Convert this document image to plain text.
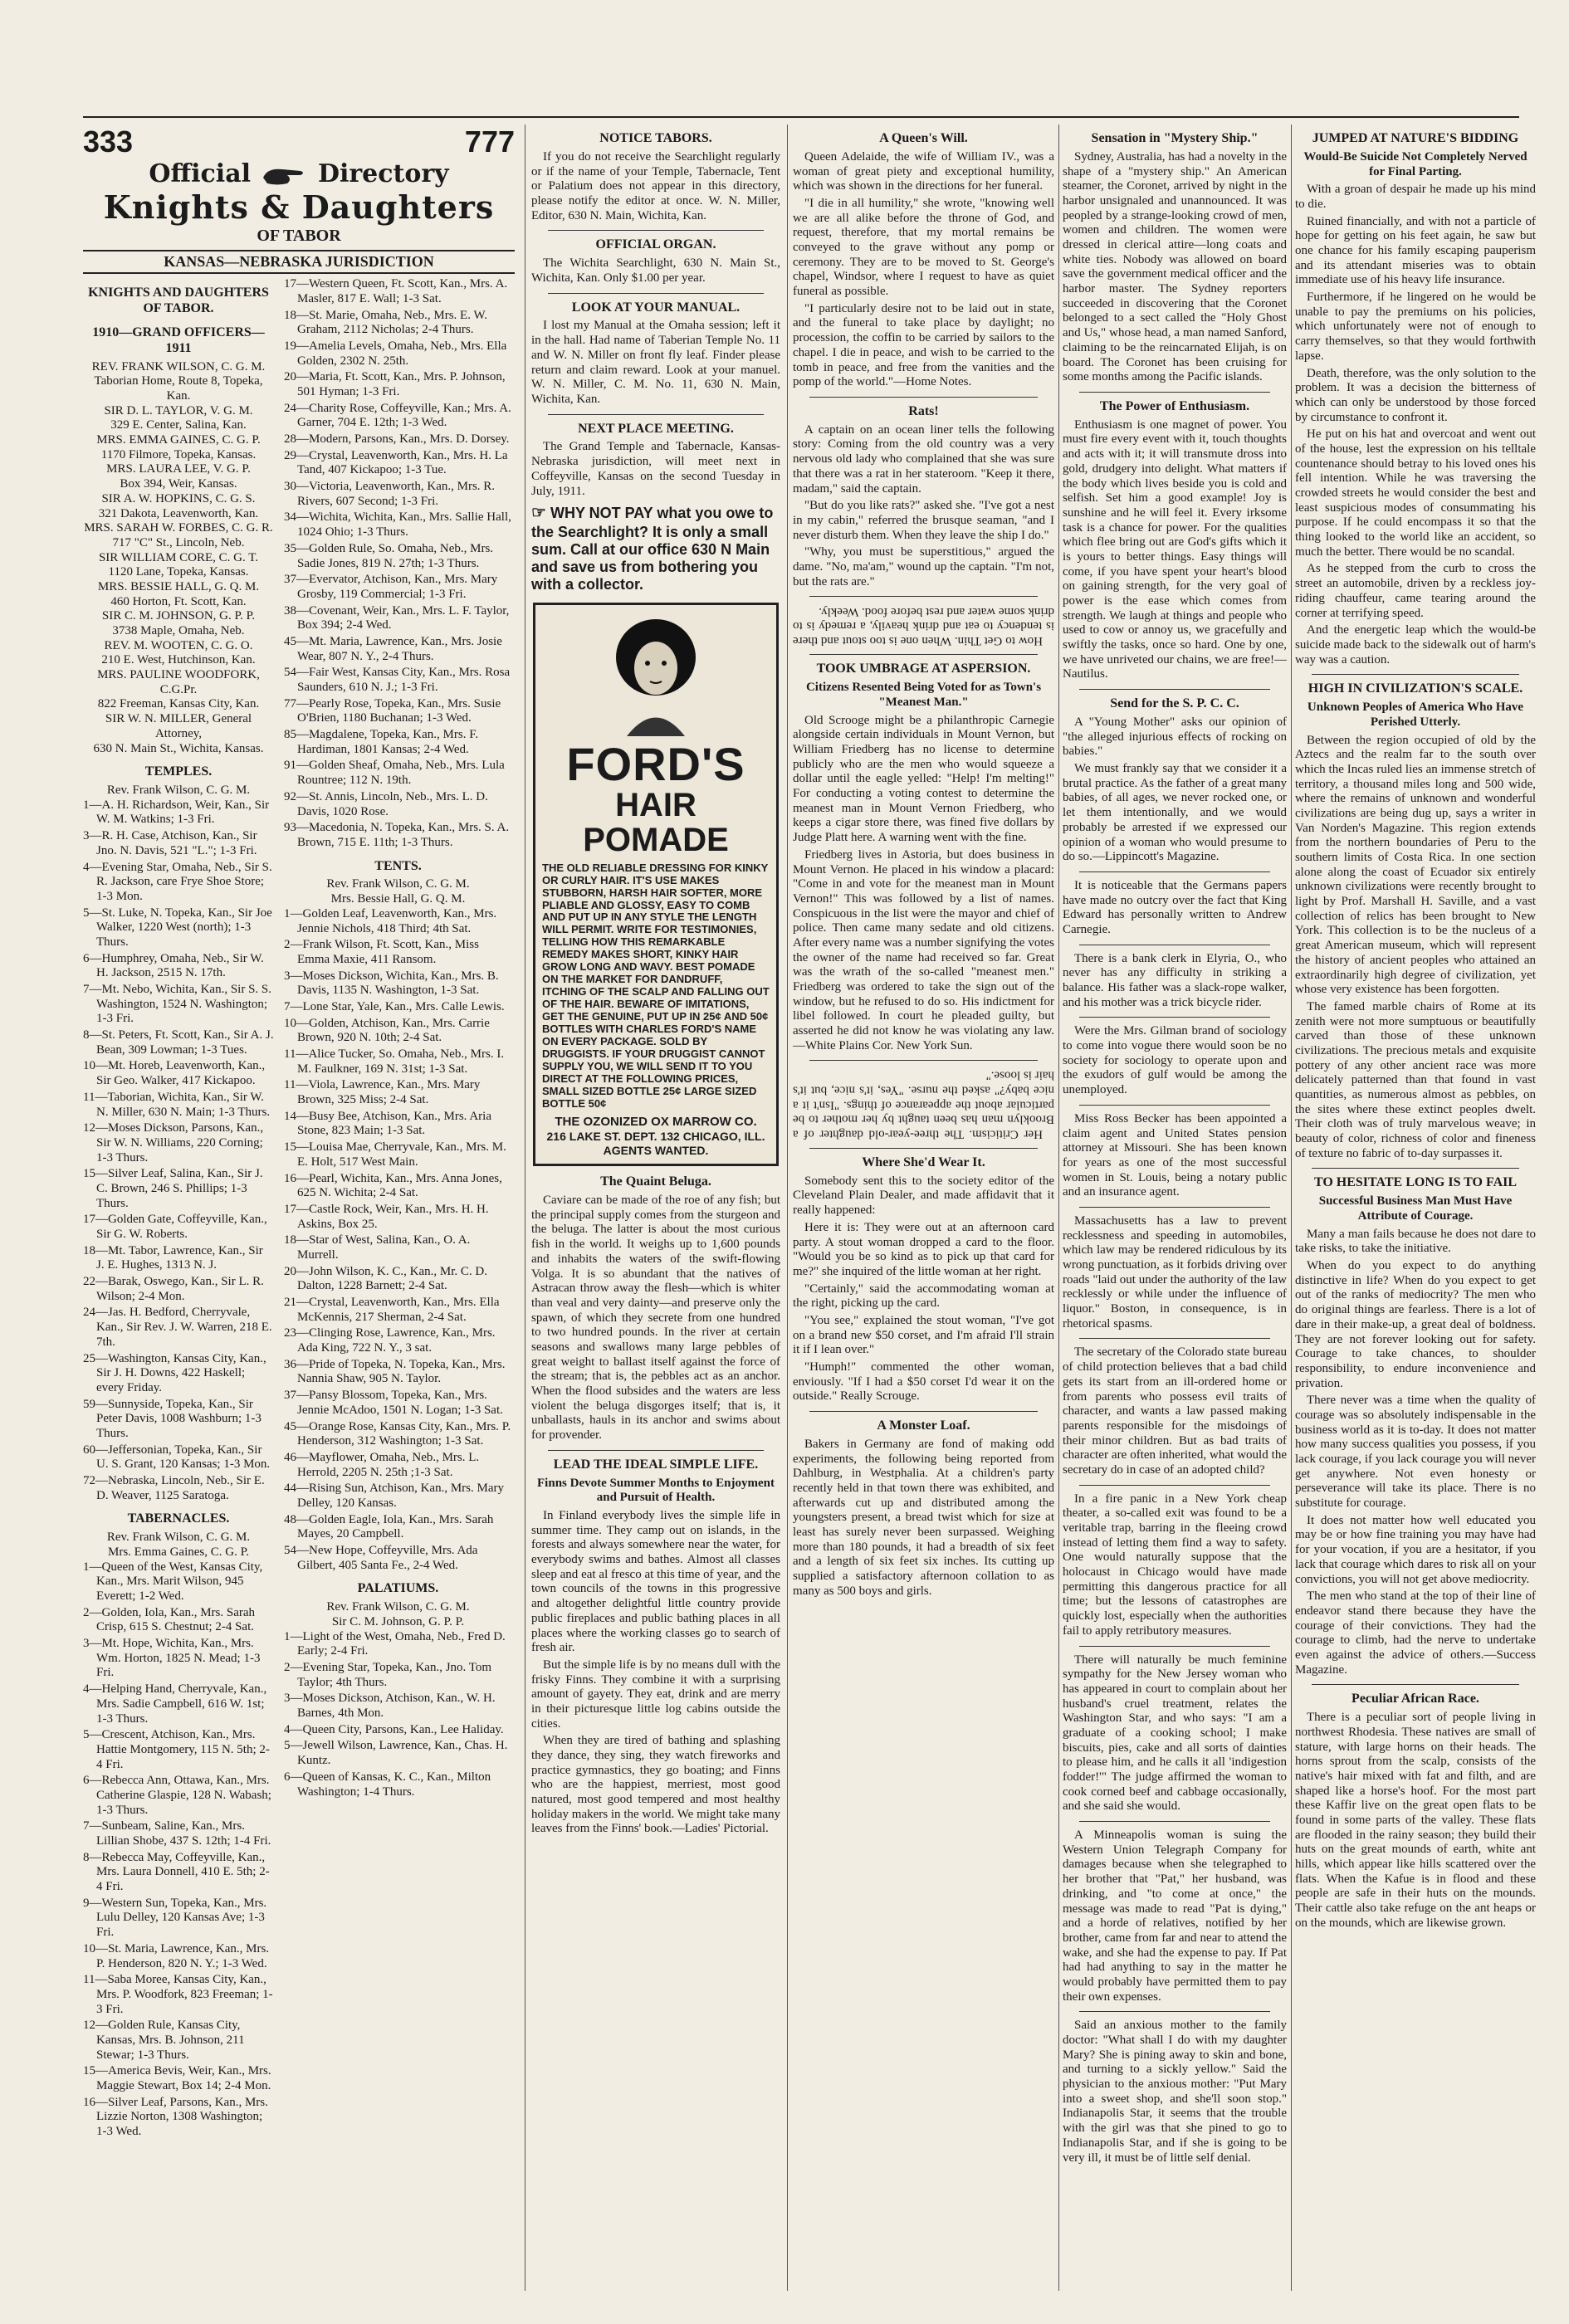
333	777
Official	Directory
Knights & Daughters
OF TABOR
KANSAS—NEBRASKA JURISDICTION
KNIGHTS AND DAUGHTERS OF TABOR.
1910—GRAND OFFICERS—1911
REV. FRANK WILSON, C. G. M.
Taborian Home, Route 8, Topeka, Kan.
SIR D. L. TAYLOR, V. G. M.
329 E. Center, Salina, Kan.
MRS. EMMA GAINES, C. G. P.
1170 Filmore, Topeka, Kansas.
MRS. LAURA LEE, V. G. P.
Box 394, Weir, Kansas.
SIR A. W. HOPKINS, C. G. S.
321 Dakota, Leavenworth, Kan.
MRS. SARAH W. FORBES, C. G. R.
717 "C" St., Lincoln, Neb.
SIR WILLIAM CORE, C. G. T.
1120 Lane, Topeka, Kansas.
MRS. BESSIE HALL, G. Q. M.
460 Horton, Ft. Scott, Kan.
SIR C. M. JOHNSON, G. P. P.
3738 Maple, Omaha, Neb.
REV. M. WOOTEN, C. G. O.
210 E. West, Hutchinson, Kan.
MRS. PAULINE WOODFORK, C.G.Pr.
822 Freeman, Kansas City, Kan.
SIR W. N. MILLER, General Attorney,
630 N. Main St., Wichita, Kansas.
TEMPLES.
Rev. Frank Wilson, C. G. M.
1—A. H. Richardson, Weir, Kan., Sir W. M. Watkins; 1-3 Fri.
3—R. H. Case, Atchison, Kan., Sir Jno. N. Davis, 521 "L."; 1-3 Fri.
4—Evening Star, Omaha, Neb., Sir S. R. Jackson, care Frye Shoe Store; 1-3 Mon.
5—St. Luke, N. Topeka, Kan., Sir Joe Walker, 1220 West (north); 1-3 Thurs.
6—Humphrey, Omaha, Neb., Sir W. H. Jackson, 2515 N. 17th.
7—Mt. Nebo, Wichita, Kan., Sir S. S. Washington, 1524 N. Washington; 1-3 Fri.
8—St. Peters, Ft. Scott, Kan., Sir A. J. Bean, 309 Lowman; 1-3 Tues.
10—Mt. Horeb, Leavenworth, Kan., Sir Geo. Walker, 417 Kickapoo.
11—Taborian, Wichita, Kan., Sir W. N. Miller, 630 N. Main; 1-3 Thurs.
12—Moses Dickson, Parsons, Kan., Sir W. N. Williams, 220 Corning; 1-3 Thurs.
15—Silver Leaf, Salina, Kan., Sir J. C. Brown, 246 S. Phillips; 1-3 Thurs.
17—Golden Gate, Coffeyville, Kan., Sir G. W. Roberts.
18—Mt. Tabor, Lawrence, Kan., Sir J. E. Hughes, 1313 N. J.
22—Barak, Oswego, Kan., Sir L. R. Wilson; 2-4 Mon.
24—Jas. H. Bedford, Cherryvale, Kan., Sir Rev. J. W. Warren, 218 E. 7th.
25—Washington, Kansas City, Kan., Sir J. H. Downs, 422 Haskell; every Friday.
59—Sunnyside, Topeka, Kan., Sir Peter Davis, 1008 Washburn; 1-3 Thurs.
60—Jeffersonian, Topeka, Kan., Sir U. S. Grant, 120 Kansas; 1-3 Mon.
72—Nebraska, Lincoln, Neb., Sir E. D. Weaver, 1125 Saratoga.
TABERNACLES.
Rev. Frank Wilson, C. G. M.
Mrs. Emma Gaines, C. G. P.
1—Queen of the West, Kansas City, Kan., Mrs. Marit Wilson, 945 Everett; 1-2 Wed.
2—Golden, Iola, Kan., Mrs. Sarah Crisp, 615 S. Chestnut; 2-4 Sat.
3—Mt. Hope, Wichita, Kan., Mrs. Wm. Horton, 1825 N. Mead; 1-3 Fri.
4—Helping Hand, Cherryvale, Kan., Mrs. Sadie Campbell, 616 W. 1st; 1-3 Thurs.
5—Crescent, Atchison, Kan., Mrs. Hattie Montgomery, 115 N. 5th; 2-4 Fri.
6—Rebecca Ann, Ottawa, Kan., Mrs. Catherine Glaspie, 128 N. Wabash; 1-3 Thurs.
7—Sunbeam, Saline, Kan., Mrs. Lillian Shobe, 437 S. 12th; 1-4 Fri.
8—Rebecca May, Coffeyville, Kan., Mrs. Laura Donnell, 410 E. 5th; 2-4 Fri.
9—Western Sun, Topeka, Kan., Mrs. Lulu Delley, 120 Kansas Ave; 1-3 Fri.
10—St. Maria, Lawrence, Kan., Mrs. P. Henderson, 820 N. Y.; 1-3 Wed.
11—Saba Moree, Kansas City, Kan., Mrs. P. Woodfork, 823 Freeman; 1-3 Fri.
12—Golden Rule, Kansas City, Kansas, Mrs. B. Johnson, 211 Stewar; 1-3 Thurs.
15—America Bevis, Weir, Kan., Mrs. Maggie Stewart, Box 14; 2-4 Mon.
16—Silver Leaf, Parsons, Kan., Mrs. Lizzie Norton, 1308 Washington; 1-3 Wed.
17—Western Queen, Ft. Scott, Kan., Mrs. A. Masler, 817 E. Wall; 1-3 Sat.
18—St. Marie, Omaha, Neb., Mrs. E. W. Graham, 2112 Nicholas; 2-4 Thurs.
19—Amelia Levels, Omaha, Neb., Mrs. Ella Golden, 2302 N. 25th.
20—Maria, Ft. Scott, Kan., Mrs. P. Johnson, 501 Hyman; 1-3 Fri.
24—Charity Rose, Coffeyville, Kan.; Mrs. A. Garner, 704 E. 12th; 1-3 Wed.
28—Modern, Parsons, Kan., Mrs. D. Dorsey.
29—Crystal, Leavenworth, Kan., Mrs. H. La Tand, 407 Kickapoo; 1-3 Tue.
30—Victoria, Leavenworth, Kan., Mrs. R. Rivers, 607 Second; 1-3 Fri.
34—Wichita, Wichita, Kan., Mrs. Sallie Hall, 1024 Ohio; 1-3 Thurs.
35—Golden Rule, So. Omaha, Neb., Mrs. Sadie Jones, 819 N. 27th; 1-3 Thurs.
37—Evervator, Atchison, Kan., Mrs. Mary Grosby, 119 Commercial; 1-3 Fri.
38—Covenant, Weir, Kan., Mrs. L. F. Taylor, Box 394; 2-4 Wed.
45—Mt. Maria, Lawrence, Kan., Mrs. Josie Wear, 807 N. Y., 2-4 Thurs.
54—Fair West, Kansas City, Kan., Mrs. Rosa Saunders, 610 N. J.; 1-3 Fri.
77—Pearly Rose, Topeka, Kan., Mrs. Susie O'Brien, 1180 Buchanan; 1-3 Wed.
85—Magdalene, Topeka, Kan., Mrs. F. Hardiman, 1801 Kansas; 2-4 Wed.
91—Golden Sheaf, Omaha, Neb., Mrs. Lula Rountree; 112 N. 19th.
92—St. Annis, Lincoln, Neb., Mrs. L. D. Davis, 1020 Rose.
93—Macedonia, N. Topeka, Kan., Mrs. S. A. Brown, 715 E. 11th; 1-3 Thurs.
TENTS.
Rev. Frank Wilson, C. G. M.
Mrs. Bessie Hall, G. Q. M.
1—Golden Leaf, Leavenworth, Kan., Mrs. Jennie Nichols, 418 Third; 4th Sat.
2—Frank Wilson, Ft. Scott, Kan., Miss Emma Maxie, 411 Ransom.
3—Moses Dickson, Wichita, Kan., Mrs. B. Davis, 1135 N. Washington, 1-3 Sat.
7—Lone Star, Yale, Kan., Mrs. Calle Lewis.
10—Golden, Atchison, Kan., Mrs. Carrie Brown, 920 N. 10th; 2-4 Sat.
11—Alice Tucker, So. Omaha, Neb., Mrs. I. M. Faulkner, 169 N. 31st; 1-3 Sat.
11—Viola, Lawrence, Kan., Mrs. Mary Brown, 325 Miss; 2-4 Sat.
14—Busy Bee, Atchison, Kan., Mrs. Aria Stone, 823 Main; 1-3 Sat.
15—Louisa Mae, Cherryvale, Kan., Mrs. M. E. Holt, 517 West Main.
16—Pearl, Wichita, Kan., Mrs. Anna Jones, 625 N. Wichita; 2-4 Sat.
17—Castle Rock, Weir, Kan., Mrs. H. H. Askins, Box 25.
18—Star of West, Salina, Kan., O. A. Murrell.
20—John Wilson, K. C., Kan., Mr. C. D. Dalton, 1228 Barnett; 2-4 Sat.
21—Crystal, Leavenworth, Kan., Mrs. Ella McKennis, 217 Sherman, 2-4 Sat.
23—Clinging Rose, Lawrence, Kan., Mrs. Ada King, 722 N. Y., 3 sat.
36—Pride of Topeka, N. Topeka, Kan., Mrs. Nannia Shaw, 905 N. Taylor.
37—Pansy Blossom, Topeka, Kan., Mrs. Jennie McAdoo, 1501 N. Logan; 1-3 Sat.
45—Orange Rose, Kansas City, Kan., Mrs. P. Henderson, 312 Washington; 1-3 Sat.
46—Mayflower, Omaha, Neb., Mrs. L. Herrold, 2205 N. 25th ;1-3 Sat.
44—Rising Sun, Atchison, Kan., Mrs. Mary Delley, 120 Kansas.
48—Golden Eagle, Iola, Kan., Mrs. Sarah Mayes, 20 Campbell.
54—New Hope, Coffeyville, Mrs. Ada Gilbert, 405 Santa Fe., 2-4 Wed.
PALATIUMS.
Rev. Frank Wilson, C. G. M.
Sir C. M. Johnson, G. P. P.
1—Light of the West, Omaha, Neb., Fred D. Early; 2-4 Fri.
2—Evening Star, Topeka, Kan., Jno. Tom Taylor; 4th Thurs.
3—Moses Dickson, Atchison, Kan., W. H. Barnes, 4th Mon.
4—Queen City, Parsons, Kan., Lee Haliday.
5—Jewell Wilson, Lawrence, Kan., Chas. H. Kuntz.
6—Queen of Kansas, K. C., Kan., Milton Washington; 1-4 Thurs.
NOTICE TABORS.
If you do not receive the Searchlight regularly or if the name of your Temple, Tabernacle, Tent or Palatium does not appear in this directory, please notify the editor at once. W. N. Miller, Editor, 630 N. Main, Wichita, Kan.
OFFICIAL ORGAN.
The Wichita Searchlight, 630 N. Main St., Wichita, Kan. Only $1.00 per year.
LOOK AT YOUR MANUAL.
I lost my Manual at the Omaha session; left it in the hall. Had name of Taberian Temple No. 11 and W. N. Miller on front fly leaf. Finder please return and claim reward. Look at your manuel. W. N. Miller, C. M. No. 11, 630 N. Main, Wichita, Kan.
NEXT PLACE MEETING.
The Grand Temple and Tabernacle, Kansas-Nebraska jurisdiction, will meet next in Coffeyville, Kansas on the second Tuesday in July, 1911.
☞ WHY NOT PAY what you owe to the Searchlight? It is only a small sum. Call at our office 630 N Main and save us from bothering you with a collector.
FORD'S
HAIR POMADE
THE OLD RELIABLE DRESSING FOR KINKY OR CURLY HAIR. IT'S USE MAKES STUBBORN, HARSH HAIR SOFTER, MORE PLIABLE AND GLOSSY, EASY TO COMB AND PUT UP IN ANY STYLE THE LENGTH WILL PERMIT. WRITE FOR TESTIMONIES, TELLING HOW THIS REMARKABLE REMEDY MAKES SHORT, KINKY HAIR GROW LONG AND WAVY. BEST POMADE ON THE MARKET FOR DANDRUFF, ITCHING OF THE SCALP AND FALLING OUT OF THE HAIR. BEWARE OF IMITATIONS, GET THE GENUINE, PUT UP IN 25¢ AND 50¢ BOTTLES WITH CHARLES FORD'S NAME ON EVERY PACKAGE. SOLD BY DRUGGISTS. IF YOUR DRUGGIST CANNOT SUPPLY YOU, WE WILL SEND IT TO YOU DIRECT AT THE FOLLOWING PRICES, SMALL SIZED BOTTLE 25¢ LARGE SIZED BOTTLE 50¢
THE OZONIZED OX MARROW CO.
216 LAKE ST. DEPT. 132 CHICAGO, ILL.
AGENTS WANTED.
The Quaint Beluga.
Caviare can be made of the roe of any fish; but the principal supply comes from the sturgeon and the beluga. The latter is about the most curious fish in the world. It weighs up to 1,600 pounds and inhabits the waters of the swift-flowing Volga. It is so abundant that the natives of Astracan throw away the flesh—which is whiter than veal and very dainty—and preserve only the spawn, of which they secrete from one hundred to two hundred pounds. In the river at certain seasons and swallows many large pebbles of great weight to ballast itself against the force of the stream; that is, the pebbles act as an anchor. When the flood subsides and the waters are less violent the beluga disgorges itself; that is, it unballasts, hauls in its anchor and swims about for provender.
LEAD THE IDEAL SIMPLE LIFE.
Finns Devote Summer Months to Enjoyment and Pursuit of Health.
In Finland everybody lives the simple life in summer time. They camp out on islands, in the forests and always somewhere near the water, for everybody swims and bathes. Almost all classes sleep and eat al fresco at this time of year, and the town councils of the towns in this progressive and altogether delightful little country provide public fireplaces and public bathing places in all places where the working classes go to search of fresh air.
But the simple life is by no means dull with the frisky Finns. They combine it with a surprising amount of gayety. They eat, drink and are merry in their picturesque little log cabins outside the cities.
When they are tired of bathing and splashing they dance, they sing, they watch fireworks and practice gymnastics, they go boating; and Finns who are the happiest, merriest, most good natured, most good tempered and most healthy holiday makers in the world. We might take many leaves from the Finns' book.—Ladies' Pictorial.
A Queen's Will.
Queen Adelaide, the wife of William IV., was a woman of great piety and exceptional humility, which was shown in the directions for her funeral.
"I die in all humility," she wrote, "knowing well we are all alike before the throne of God, and request, therefore, that my mortal remains be conveyed to the grave without any pomp or ceremony. They are to be moved to St. George's chapel, Windsor, where I request to have as quiet funeral as possible.
"I particularly desire not to be laid out in state, and the funeral to take place by daylight; no procession, the coffin to be carried by sailors to the chapel. I die in peace, and wish to be carried to the tomb in peace, and free from the vanities and the pomp of the world."—Home Notes.
Rats!
A captain on an ocean liner tells the following story: Coming from the old country was a very nervous old lady who complained that she was sure that there was a rat in her stateroom. "Keep it there, madam," said the captain.
"But do you like rats?" asked she. "I've got a nest in my cabin," referred the brusque seaman, "and I never disturb them. When they leave the ship I do."
"Why, you must be superstitious," argued the dame. "No, ma'am," wound up the captain. "I'm not, but the rats are."
How to Get Thin. When one is too stout and there is tendency to eat and drink heavily, a remedy is to drink some water and rest before food. Weekly.
TOOK UMBRAGE AT ASPERSION.
Citizens Resented Being Voted for as Town's "Meanest Man."
Old Scrooge might be a philanthropic Carnegie alongside certain individuals in Mount Vernon, but William Friedberg has no license to determine publicly who are the men who would squeeze a dollar until the eagle yelled: "Help! I'm melting!" For conducting a voting contest to determine the meanest man in Mount Vernon Friedberg, who keeps a cigar store there, was fined five dollars by Judge Platt here. A warning went with the fine.
Friedberg lives in Astoria, but does business in Mount Vernon. He placed in his window a placard: "Come in and vote for the meanest man in Mount Vernon!" This was followed by a list of names. Conspicuous in the list were the mayor and chief of police. Then came many sedate and old citizens. After every name was a number signifying the votes the owner of the name had received so far. Great was the wrath of the so-called "meanest men." Friedberg was ordered to take the sign out of the window, but he refused to do so. His indictment for libel followed. In court he pleaded guilty, but asserted he did not know he was violating any law.—White Plains Cor. New York Sun.
Her Criticism. The three-year-old daughter of a Brooklyn man has been taught by her mother to be particular about the appearance of things. "Isn't it a nice baby?" asked the nurse. "Yes, it's nice, but it's hair is loose."
Where She'd Wear It.
Somebody sent this to the society editor of the Cleveland Plain Dealer, and made affidavit that it really happened:
Here it is: They were out at an afternoon card party. A stout woman dropped a card to the floor. "Would you be so kind as to pick up that card for me?" she inquired of the little woman at her right.
"Certainly," said the accommodating woman at the right, picking up the card.
"You see," explained the stout woman, "I've got on a brand new $50 corset, and I'm afraid I'll strain it if I lean over."
"Humph!" commented the other woman, enviously. "If I had a $50 corset I'd wear it on the outside." Really Scrouge.
A Monster Loaf.
Bakers in Germany are fond of making odd experiments, the following being reported from Dahlburg, in Westphalia. At a children's party recently held in that town there was exhibited, and afterwards cut up and distributed among the youngsters present, a bread twist which for size at least has surely never been surpassed. Weighing more than 180 pounds, it had a breadth of six feet and a length of six feet six inches. Its cutting up supplied a satisfactory afternoon collation to as many as 500 boys and girls.
Sensation in "Mystery Ship."
Sydney, Australia, has had a novelty in the shape of a "mystery ship." An American steamer, the Coronet, arrived by night in the harbor unsignaled and unannounced. It was peopled by a strange-looking crowd of men, women and children. The women were dressed in clerical attire—long coats and white ties. Nobody was allowed on board save the government medical officer and the harbor master. The Sydney reporters succeeded in discovering that the Coronet belonged to a sect called the "Holy Ghost and Us," whose head, a man named Sanford, claiming to be the reincarnated Elijah, is on board. The Coronet has been cruising for some months among the Pacific islands.
The Power of Enthusiasm.
Enthusiasm is one magnet of power. You must fire every event with it, touch thoughts and acts with it; it will transmute dross into gold, drudgery into delight. What matters if the body which lives beside you is cold and selfish. Set him a good example! Joy is sunshine and he will feel it. Every irksome task is a chance for power. For the qualities which flee bring out are God's gifts which it is yours to better things. Easy things will come, if you have spent your heart's blood on gaining strength, for the very goal of power is the ease which comes from strength. We laugh at things and people who used to cow or annoy us, we gracefully and swiftly the tasks, once so hard. One by one, we have unriveted our chains, we are free!—Nautilus.
Send for the S. P. C. C.
A "Young Mother" asks our opinion of "the alleged injurious effects of rocking on babies."
We must frankly say that we consider it a brutal practice. As the father of a great many babies, of all ages, we never rocked one, or let them intentionally, and we would probably be arrested if we expressed our opinion of a woman who would presume to do so.—Lippincott's Magazine.
It is noticeable that the Germans papers have made no outcry over the fact that King Edward has personally written to Andrew Carnegie.
There is a bank clerk in Elyria, O., who never has any difficulty in striking a balance. His father was a slack-rope walker, and his mother was a trick bicycle rider.
Were the Mrs. Gilman brand of sociology to come into vogue there would soon be no society for sociology to operate upon and the exudors of gulf would be among the unemployed.
Miss Ross Becker has been appointed a claim agent and United States pension attorney at Missouri. She has been known for years as one of the most successful women in St. Louis, being a notary public and an insurance agent.
Massachusetts has a law to prevent recklessness and speeding in automobiles, which law may be rendered ridiculous by its wrong punctuation, as it forbids driving over roads "laid out under the authority of the law recklessly or while under the influence of liquor." Boston, in consequence, is in rhetorical spasms.
The secretary of the Colorado state bureau of child protection believes that a bad child gets its start from an ill-ordered home or from parents who possess evil traits of character, and wants a law passed making parents responsible for the misdoings of their minor children. But as bad traits of character are often inherited, what would the secretary do in case of an adopted child?
In a fire panic in a New York cheap theater, a so-called exit was found to be a veritable trap, barring in the fleeing crowd instead of letting them find a way to safety. One would naturally suppose that the holocaust in Chicago would have made permitting this dangerous practice for all time; but the lessons of catastrophes are quickly lost, especially when the authorities fail to apply retributory measures.
There will naturally be much feminine sympathy for the New Jersey woman who has appeared in court to complain about her husband's cruel treatment, relates the Washington Star, and who says: "I am a graduate of a cooking school; I make biscuits, pies, cake and all sorts of dainties to please him, and he calls it all 'indigestion fodder!'" The judge affirmed the woman to cook corned beef and cabbage occasionally, and she said she would.
A Minneapolis woman is suing the Western Union Telegraph Company for damages because when she telegraphed to her brother that "Pat," her husband, was drinking, and "to come at once," the message was made to read "Pat is dying," and a horde of relatives, notified by her brother, came from far and near to attend the wake, and she had the expense to pay. If Pat had had anything to say in the matter he would probably have permitted them to pay their own expenses.
Said an anxious mother to the family doctor: "What shall I do with my daughter Mary? She is pining away to skin and bone, and turning to a sickly yellow." Said the physician to the anxious mother: "Put Mary into a sweet shop, and she'll soon stop." Indianapolis Star, it seems that the trouble with the girl was that she pined to go to Indianapolis Star, and if she is going to be very ill, it must be of little self denial.
JUMPED AT NATURE'S BIDDING
Would-Be Suicide Not Completely Nerved for Final Parting.
With a groan of despair he made up his mind to die.
Ruined financially, and with not a particle of hope for getting on his feet again, he saw but one chance for his family escaping pauperism and its attendant miseries was to obtain immediate use of his heavy life insurance.
Furthermore, if he lingered on he would be unable to pay the premiums on his policies, which unfortunately were not of enough to carry themselves, so that they would forthwith lapse.
Death, therefore, was the only solution to the problem. It was a decision the bitterness of which can only be understood by those forced by circumstance to confront it.
He put on his hat and overcoat and went out of the house, lest the expression on his telltale countenance should betray to his loved ones his fell intention. While he was traversing the crowded streets he would consider the best and least suspicious modes of consummating his purpose. If he could encompass it so that the thing looked to the world like an accident, so much the better. There would be no scandal.
As he stepped from the curb to cross the street an automobile, driven by a reckless joy-riding chauffeur, came tearing around the corner at terrifying speed.
And the energetic leap which the would-be suicide made back to the sidewalk out of harm's way was a caution.
HIGH IN CIVILIZATION'S SCALE.
Unknown Peoples of America Who Have Perished Utterly.
Between the region occupied of old by the Aztecs and the realm far to the south over which the Incas ruled lies an immense stretch of territory, a thousand miles long and 500 wide, where the remains of unknown and wonderful civilizations are being dug up, says a writer in Van Norden's Magazine. This region extends from the northern boundaries of Peru to the southern limits of Costa Rica. In one section alone along the coast of Ecuador six entirely unknown civilizations were recently brought to light by Prof. Marshall H. Saville, and a vast collection of relics has been brought to New York. This collection is to be the nucleus of a great American museum, which will represent the history of ancient peoples who attained an extraordinarily high degree of civilization, yet whose very existence has been forgotten.
The famed marble chairs of Rome at its zenith were not more sumptuous or beautifully carved than those of these unknown civilizations. The precious metals and exquisite pottery of any other ancient race was more delicately patterned than that found in vast quantities, as numerous almost as pebbles, on the sites where these extinct peoples dwelt. Their cloth was of truly marvelous weave; in beauty of color, richness of color and fineness of texture no fabric of to-day surpasses it.
TO HESITATE LONG IS TO FAIL
Successful Business Man Must Have Attribute of Courage.
Many a man fails because he does not dare to take risks, to take the initiative.
When do you expect to do anything distinctive in life? When do you expect to get out of the ranks of mediocrity? The men who do original things are fearless. There is a lot of dare in their make-up, a great deal of boldness. They are not forever looking out for safety. Courage to take chances, to shoulder responsibility, to endure inconvenience and privation.
There never was a time when the quality of courage was so absolutely indispensable in the business world as it is to-day. It does not matter how many success qualities you possess, if you lack courage, if you lack courage you will never get anywhere. Not even honesty or perseverance will take its place. There is no substitute for courage.
It does not matter how well educated you may be or how fine training you may have had for your vocation, if you are a hesitator, if you lack that courage which dares to risk all on your convictions, you will not get above mediocrity.
The men who stand at the top of their line of endeavor stand there because they have the courage of their convictions. They had the courage to climb, had the nerve to undertake even against the advice of others.—Success Magazine.
Peculiar African Race.
There is a peculiar sort of people living in northwest Rhodesia. These natives are small of stature, with large horns on their heads. The horns sprout from the scalp, consists of the native's hair mixed with fat and filth, and are shaped like a horse's hoof. For the most part these Kaffir live on the great open flats to be found in some parts of the valley. These flats are flooded in the rainy season; they build their huts on the great mounds of earth, white ant hills, which appear like hills scattered over the flats. When the Kafue is in flood and these people are safe in their huts on the mounds. Their cattle also take refuge on the ant heaps or on the mounds, which are likewise grown.
